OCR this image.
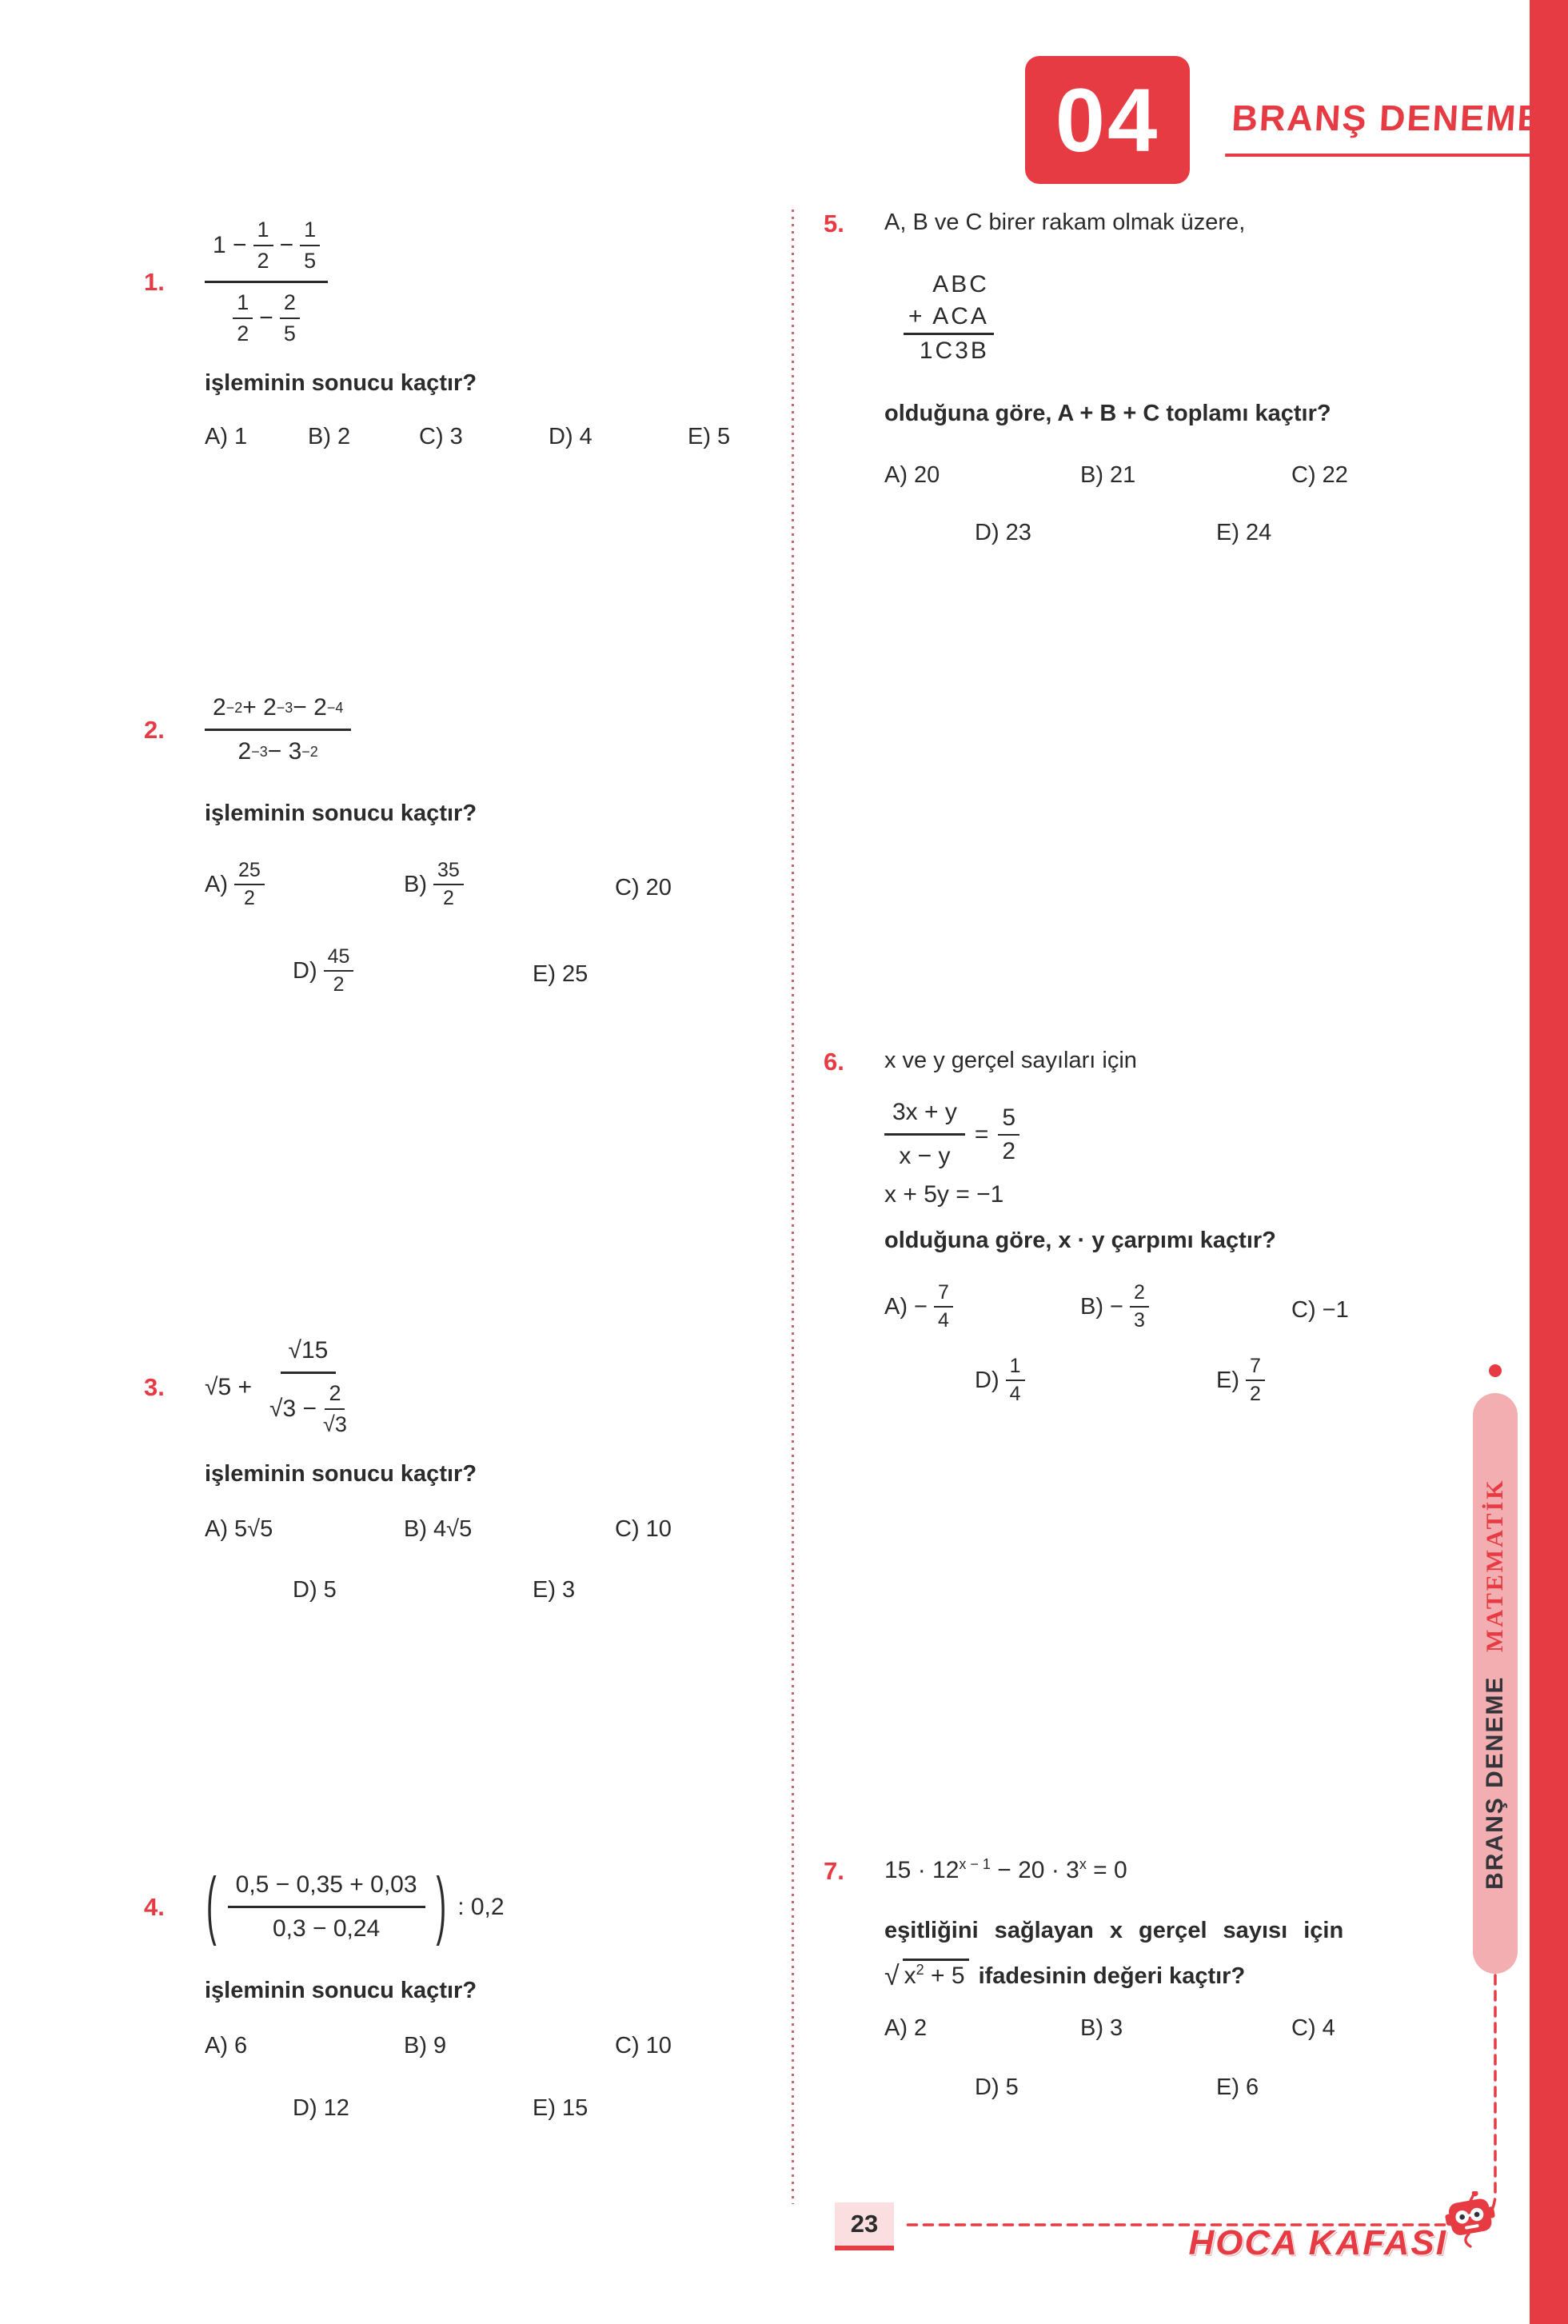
04 BRANŞ DENEME
1.
$1 - \frac{1}{2} - \frac{1}{5}$
1
2
− $\frac{2}{5}$
işleminin sonucu kaçtır?
A) 1	B) 2	C) 3	D) 4	E) 5
2.
2 −2 + 2 −3 − 2 −4
2 −3 − 3 −2
işleminin sonucu kaçtır?
A)
25
2
B)
35
2	C) 20
D)
45
2	E) 25
3.	$√5 + \frac{√15}{√3 - \frac{2}{√3}}$
işleminin sonucu kaçtır?
A) 5√5	B) 4√5	C) 10
D) 5	E) 3
4.	( 0,5 − 0,35 + 0,03
0,3 − 0,24 ) : 0,2
işleminin sonucu kaçtır?
A) 6	B) 9	C) 10
D) 12	E) 15
5.	A, B ve C birer rakam olmak üzere,
ABC
+ ACA
1C3B
olduğuna göre, A + B + C toplamı kaçtır?
A) 20	B) 21	C) 22
D) 23	E) 24
6.	x ve y gerçel sayıları için
$\frac{3x + y}{x - y} = \frac{5}{2}$
x + 5y = −1
olduğuna göre, x · y çarpımı kaçtır?
$A) - \frac{7}{4}$	$B) - \frac{2}{3}$	C) −1
D)
1
4
E)
7
2
7.	$15 \cdot 12^{x - 1} - 20 \cdot 3^x = 0$
eşitliğini sağlayan x gerçel sayısı için
√ $x^2 + 5$ ifadesinin değeri kaçtır?
A) 2	B) 3	C) 4
D) 5	E) 6
BRANŞ DENEME
MATEMATİK
23	HOCA KAFASI
